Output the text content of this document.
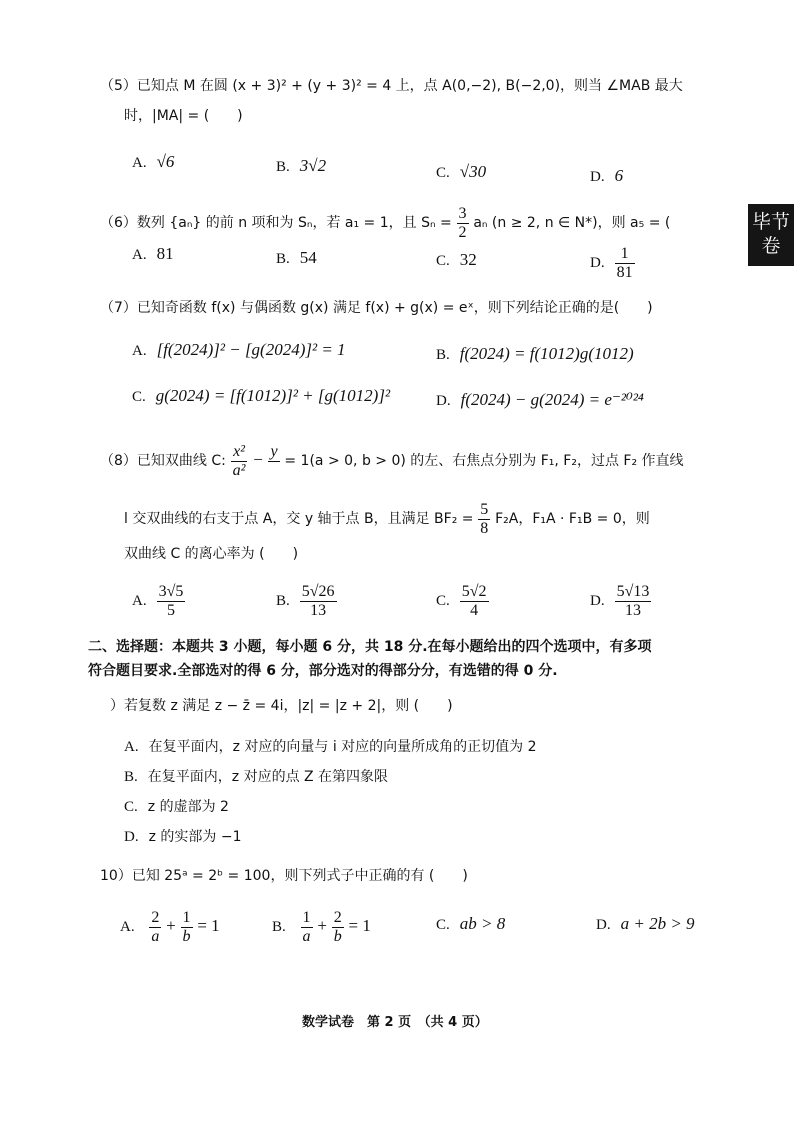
（5）已知点 M 在圆 (x + 3)² + (y + 3)² = 4 上，点 A(0,−2), B(−2,0)，则当 ∠MAB 最大
时，|MA| = (　　)
A. √6	B. 3√2	C. √30	D. 6
（6）数列 {aₙ} 的前 n 项和为 Sₙ，若 a₁ = 1，且 $S_n = \frac{3}{2}$ aₙ (n ≥ 2, n ∈ N*)，则 a₅ = (
A. 81	B. 54	C. 32	D. $\frac{1}{81}$
（7）已知奇函数 f(x) 与偶函数 g(x) 满足 f(x) + g(x) = eˣ，则下列结论正确的是(　　)
A. [f(2024)]² − [g(2024)]² = 1	B. f(2024) = f(1012)g(1012)
C. g(2024) = [f(1012)]² + [g(1012)]²	D. f(2024) − g(2024) = e⁻²⁰²⁴
（8）已知双曲线 C: $\frac{\text{x²}}{\text{a²}} - y$

= 1(a > 0, b > 0) 的左、右焦点分别为 F₁, F₂，过点 F₂ 作直线
l 交双曲线的右支于点 A，交 y 轴于点 B，且满足 $BF_2 = \frac{5}{8} F_2A$，F₁A · F₁B = 0，则
双曲线 C 的离心率为 (　　)
A. $\frac{3√5}{5}$	B. $\frac{5√26}{13}$	C. $\frac{5√2}{4}$	D. $\frac{5√13}{13}$
二、选择题：本题共 3 小题，每小题 6 分，共 18 分.在每小题给出的四个选项中，有多项
符合题目要求.全部选对的得 6 分，部分选对的得部分分，有选错的得 0 分.
）若复数 z 满足 z − z̄ = 4i，|z| = |z + 2|，则 (　　)
A. 在复平面内，z 对应的向量与 i 对应的向量所成角的正切值为 2
B. 在复平面内，z 对应的点 Z 在第四象限
C. z 的虚部为 2
D. z 的实部为 −1
10）已知 25ᵃ = 2ᵇ = 100，则下列式子中正确的有 (　　)
A. $\frac{2}{a} + \frac{1}{b} = 1$	B. $\frac{1}{a} + \frac{2}{b} = 1$	C. ab > 8	D. a + 2b > 9
数学试卷　第 2 页　（共 4 页）
毕节
卷
